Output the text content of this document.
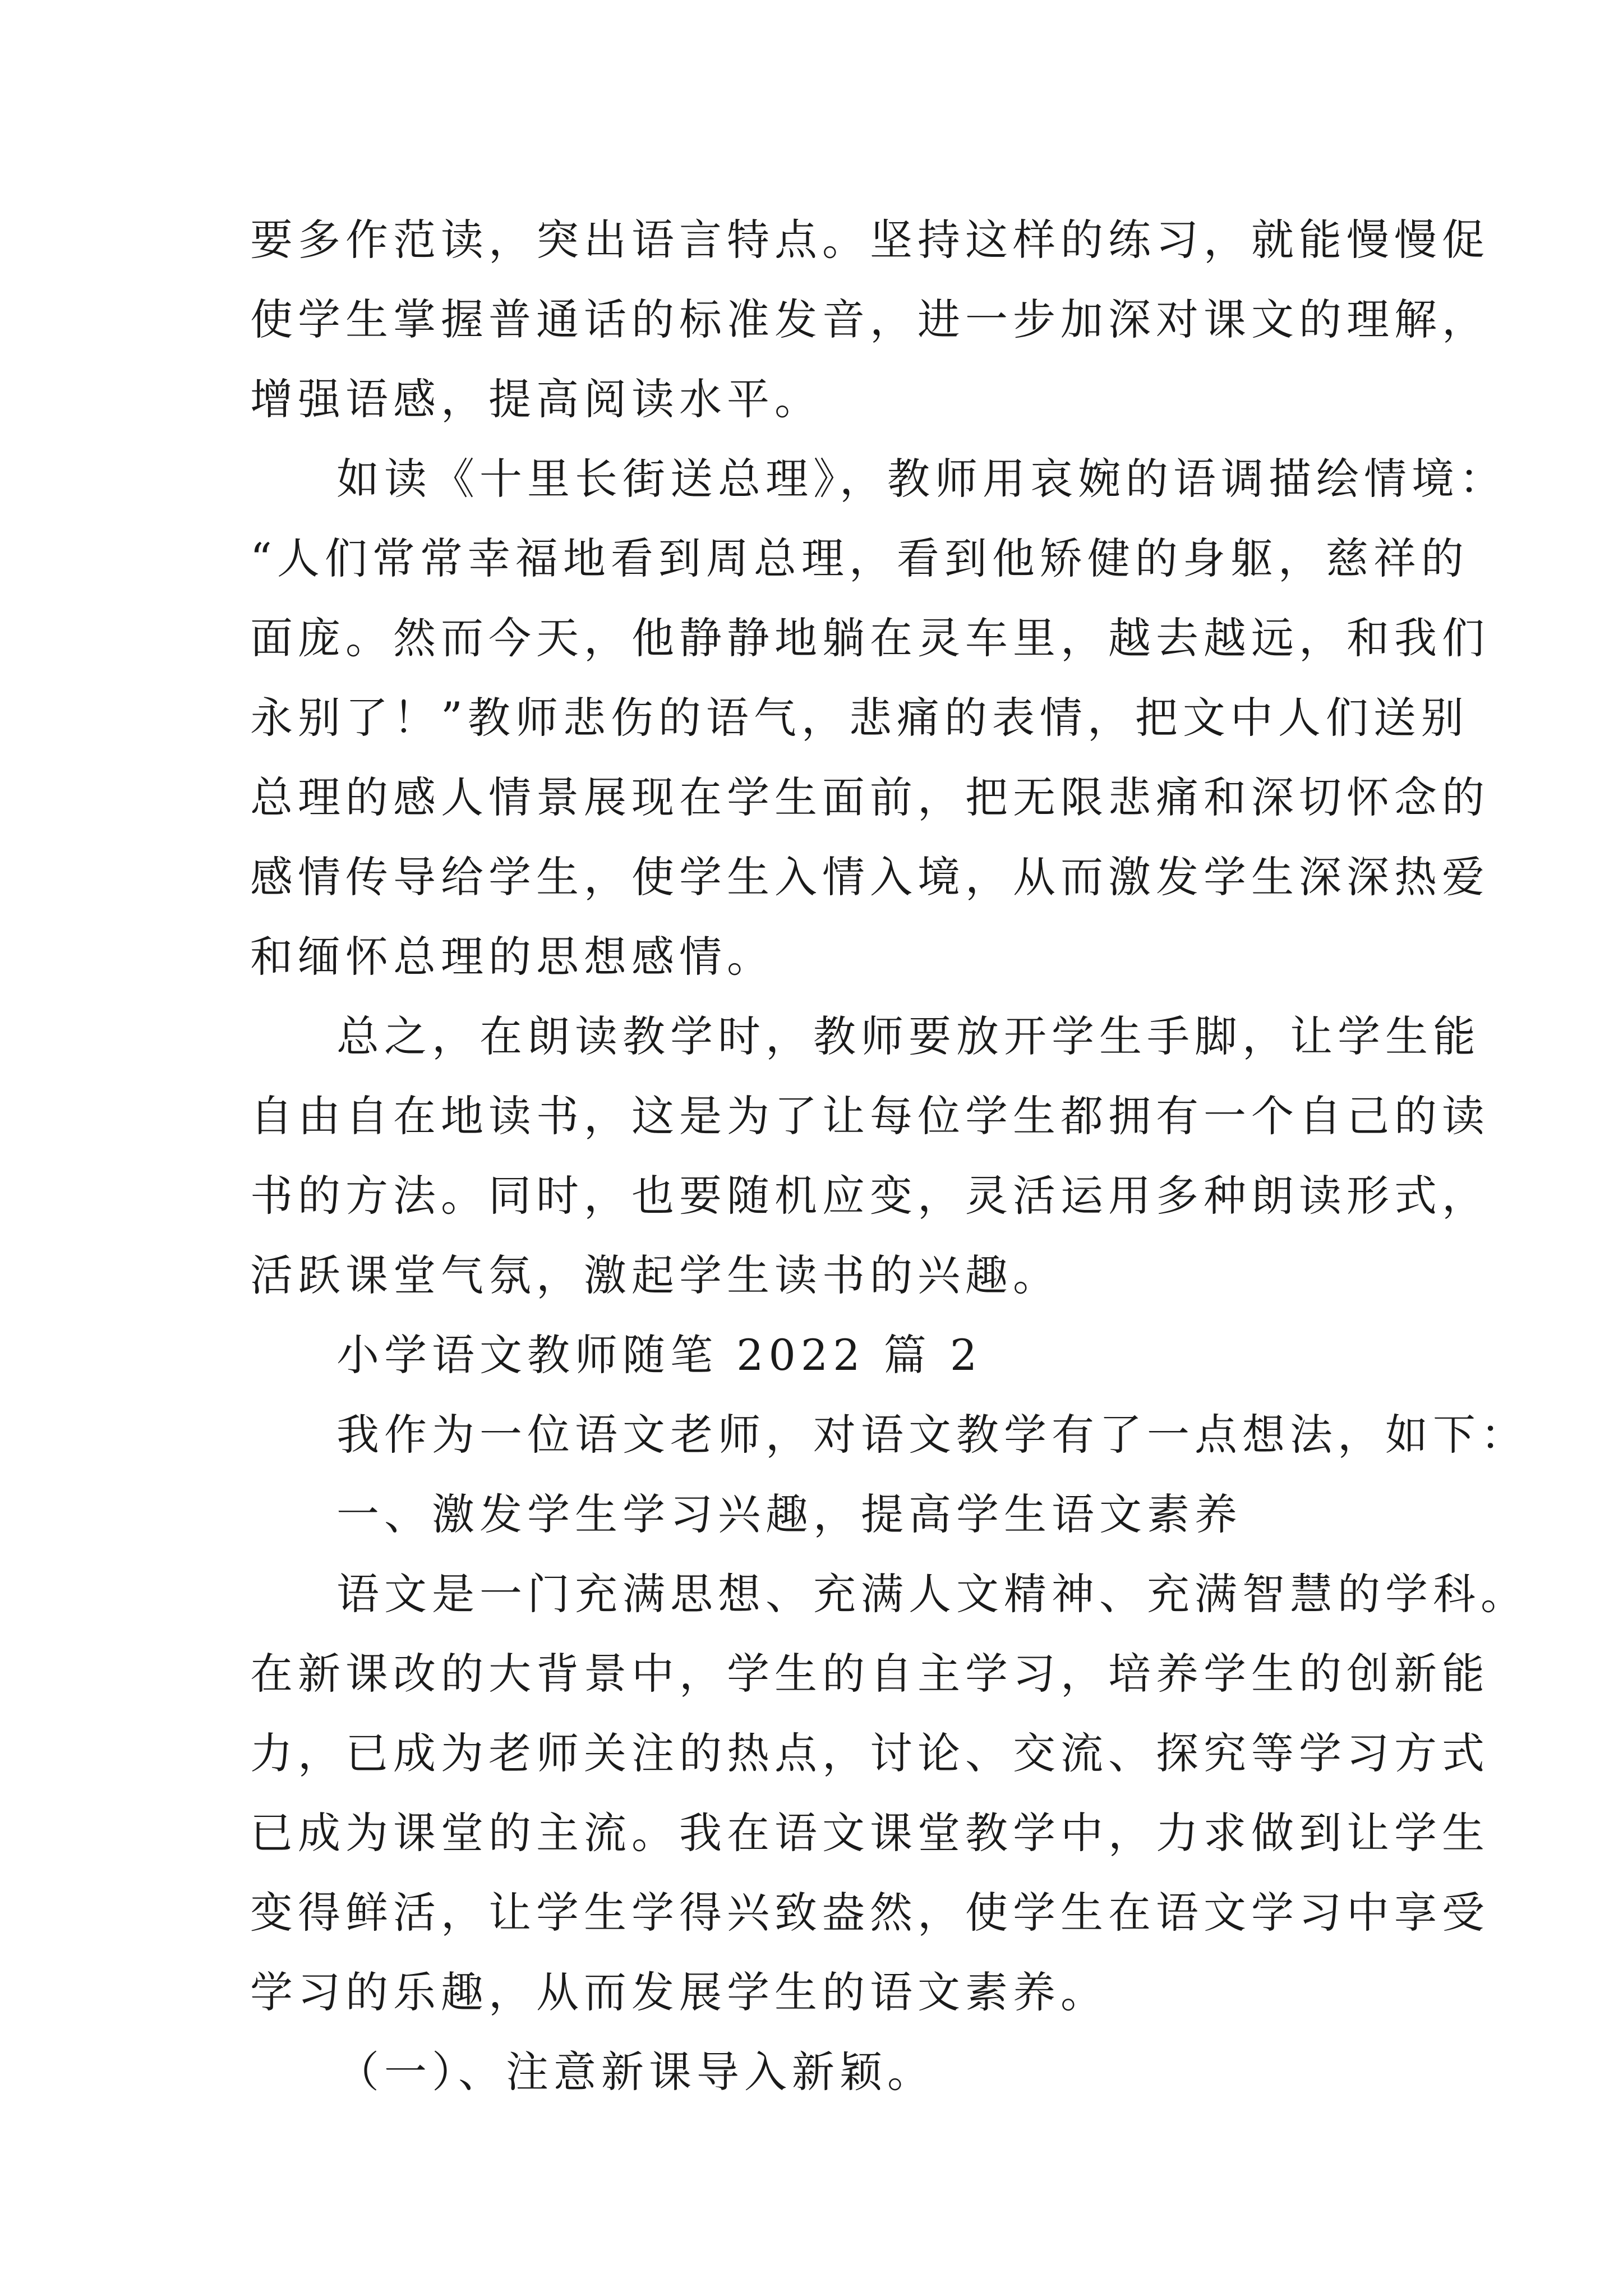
要多作范读，突出语言特点。坚持这样的练习，就能慢慢促
使学生掌握普通话的标准发音，进一步加深对课文的理解，
增强语感，提高阅读水平。
如读《十里长街送总理》，教师用哀婉的语调描绘情境：
“人们常常幸福地看到周总理，看到他矫健的身躯，慈祥的
面庞。然而今天，他静静地躺在灵车里，越去越远，和我们
永别了！”教师悲伤的语气，悲痛的表情，把文中人们送别
总理的感人情景展现在学生面前，把无限悲痛和深切怀念的
感情传导给学生，使学生入情入境，从而激发学生深深热爱
和缅怀总理的思想感情。
总之，在朗读教学时，教师要放开学生手脚，让学生能
自由自在地读书，这是为了让每位学生都拥有一个自己的读
书的方法。同时，也要随机应变，灵活运用多种朗读形式，
活跃课堂气氛，激起学生读书的兴趣。
小学语文教师随笔 2022 篇 2
我作为一位语文老师，对语文教学有了一点想法，如下：
一、激发学生学习兴趣，提高学生语文素养
语文是一门充满思想、充满人文精神、充满智慧的学科。
在新课改的大背景中，学生的自主学习，培养学生的创新能
力，已成为老师关注的热点，讨论、交流、探究等学习方式
已成为课堂的主流。我在语文课堂教学中，力求做到让学生
变得鲜活，让学生学得兴致盎然，使学生在语文学习中享受
学习的乐趣，从而发展学生的语文素养。
（一）、注意新课导入新颖。
